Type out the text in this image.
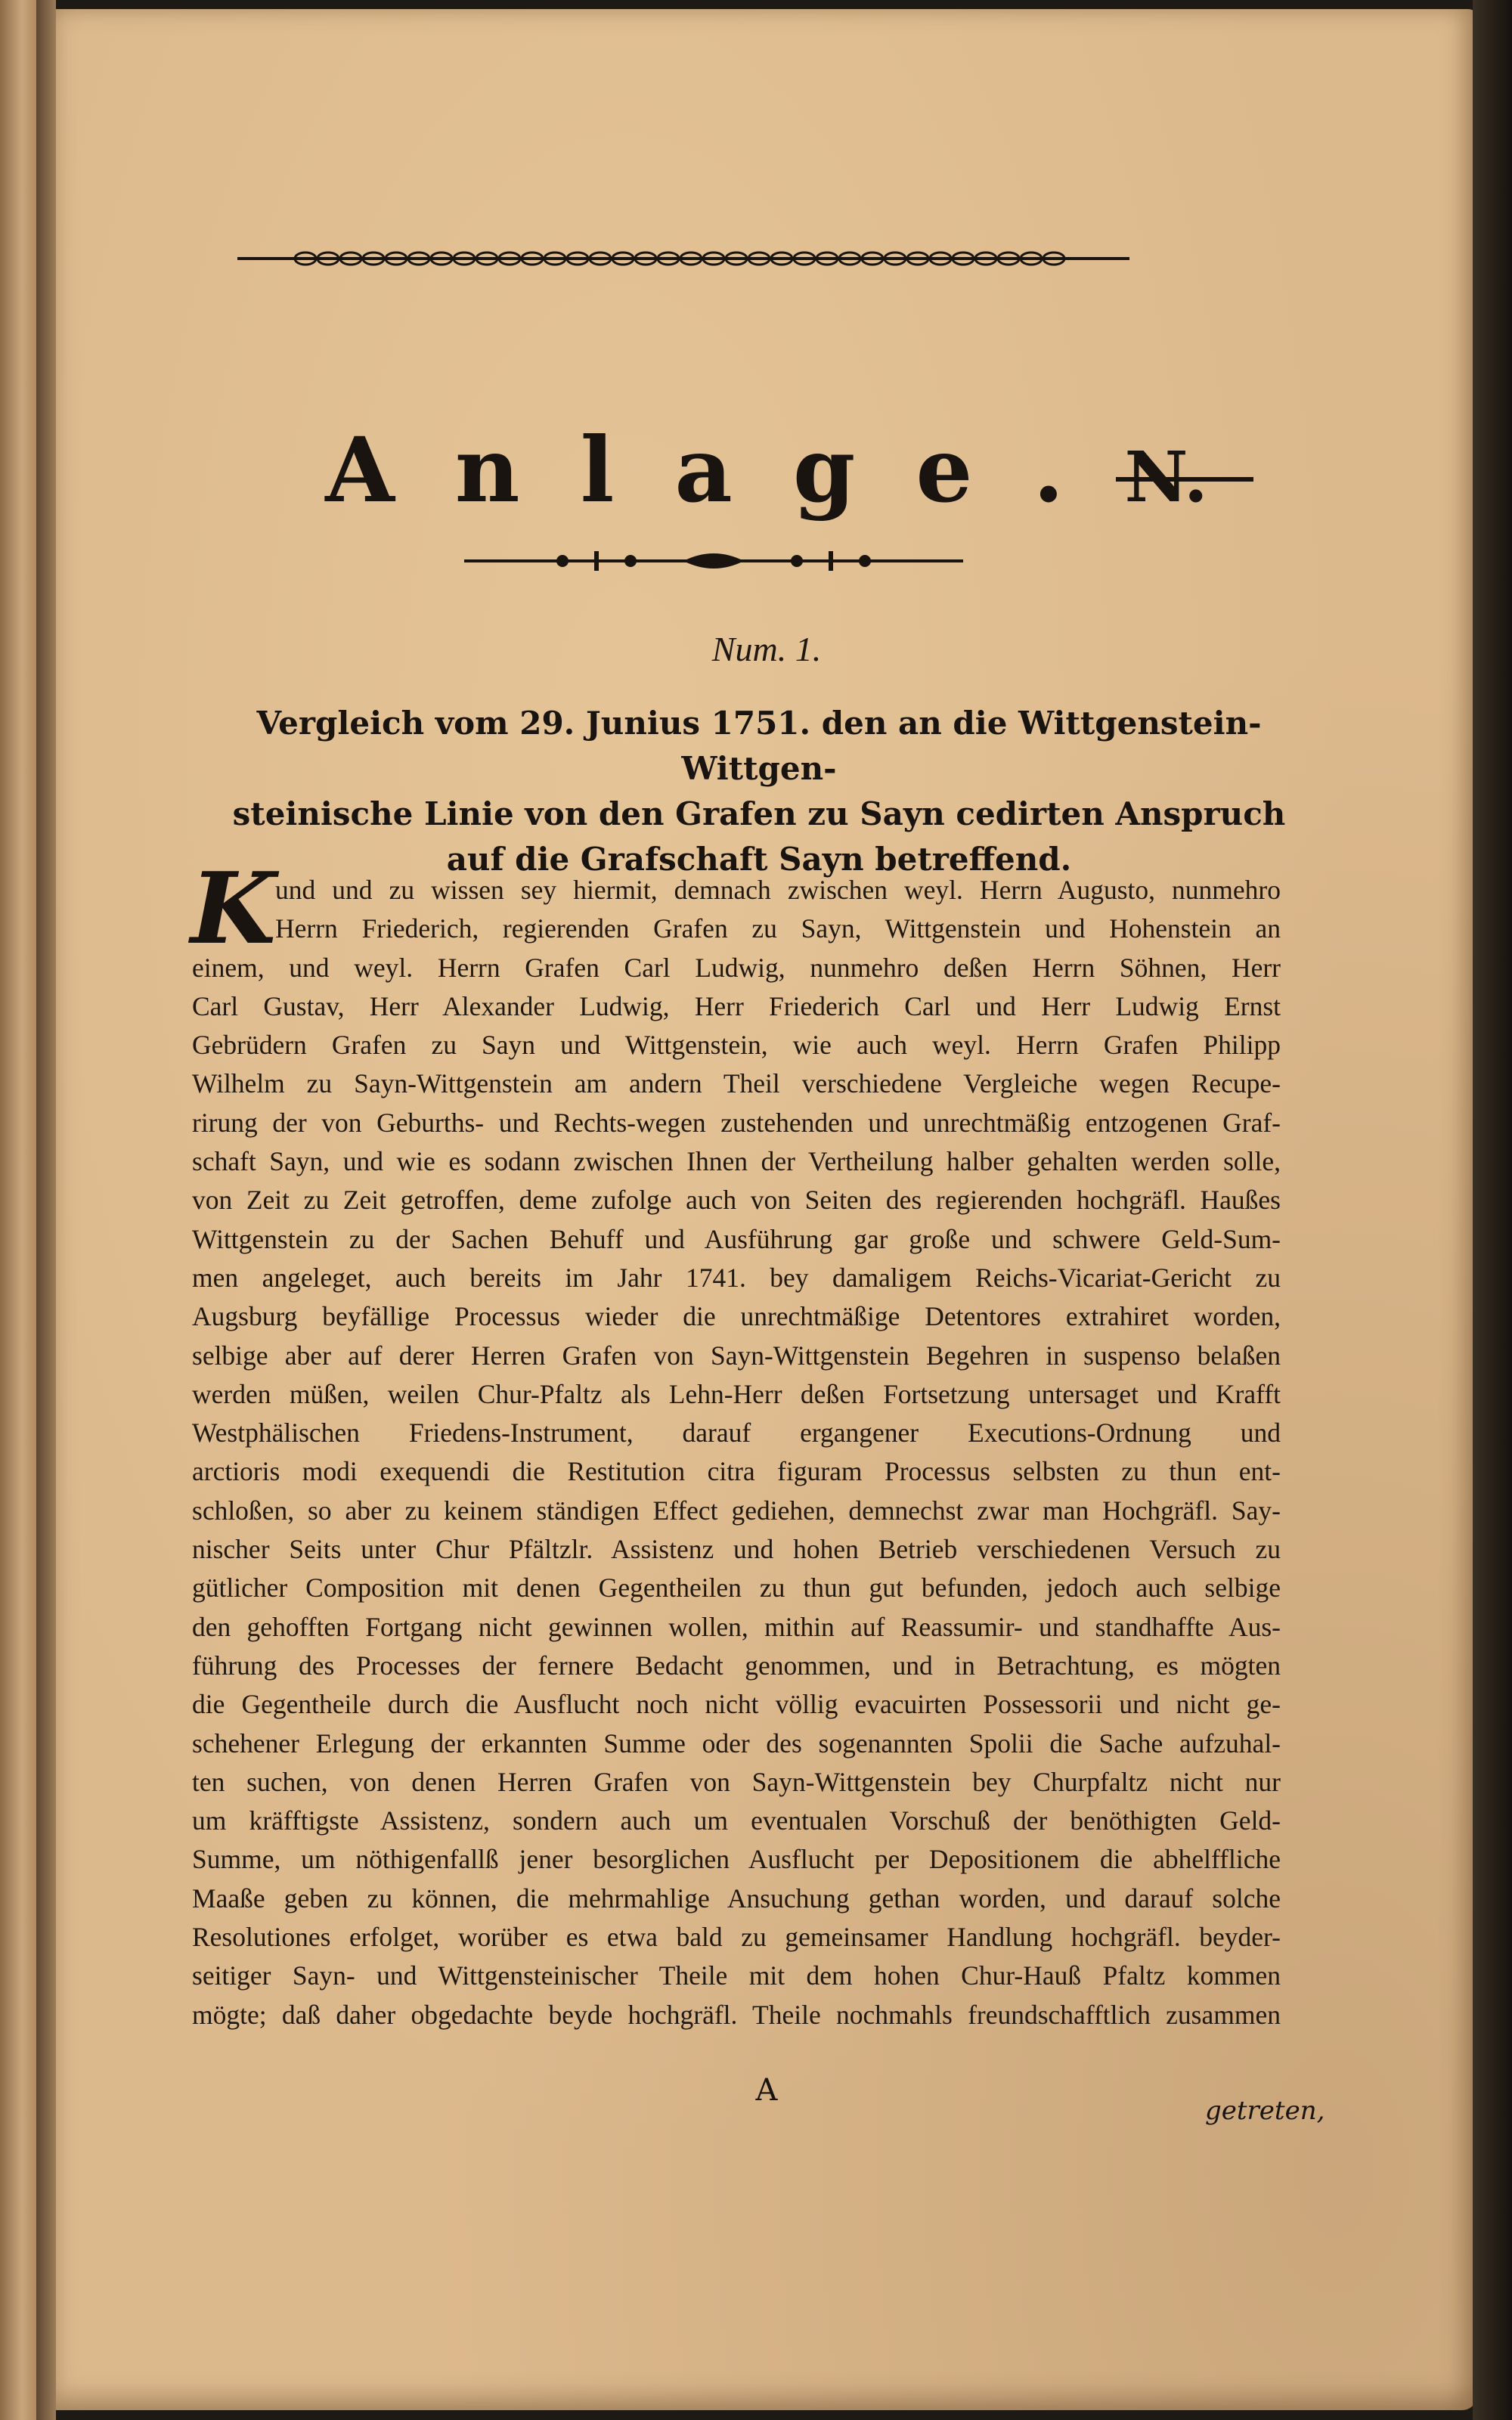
Anlage.N.
Num. 1.
Vergleich vom 29. Junius 1751. den an die Wittgenstein-Wittgen-
steinische Linie von den Grafen zu Sayn cedirten Anspruch
auf die Grafschaft Sayn betreffend.
K und und zu wissen sey hiermit, demnach zwischen weyl. Herrn Augusto, nunmehro
Herrn Friederich, regierenden Grafen zu Sayn, Wittgenstein und Hohenstein an
einem, und weyl. Herrn Grafen Carl Ludwig, nunmehro deßen Herrn Söhnen, Herr
Carl Gustav, Herr Alexander Ludwig, Herr Friederich Carl und Herr Ludwig Ernst
Gebrüdern Grafen zu Sayn und Wittgenstein, wie auch weyl. Herrn Grafen Philipp
Wilhelm zu Sayn-Wittgenstein am andern Theil verschiedene Vergleiche wegen Recupe-
rirung der von Geburths- und Rechts-wegen zustehenden und unrechtmäßig entzogenen Graf-
schaft Sayn, und wie es sodann zwischen Ihnen der Vertheilung halber gehalten werden solle,
von Zeit zu Zeit getroffen, deme zufolge auch von Seiten des regierenden hochgräfl. Haußes
Wittgenstein zu der Sachen Behuff und Ausführung gar große und schwere Geld-Sum-
men angeleget, auch bereits im Jahr 1741. bey damaligem Reichs-Vicariat-Gericht zu
Augsburg beyfällige Processus wieder die unrechtmäßige Detentores extrahiret worden,
selbige aber auf derer Herren Grafen von Sayn-Wittgenstein Begehren in suspenso belaßen
werden müßen, weilen Chur-Pfaltz als Lehn-Herr deßen Fortsetzung untersaget und Krafft
Westphälischen Friedens-Instrument, darauf ergangener Executions-Ordnung und
arctioris modi exequendi die Restitution citra figuram Processus selbsten zu thun ent-
schloßen, so aber zu keinem ständigen Effect gediehen, demnechst zwar man Hochgräfl. Say-
nischer Seits unter Chur Pfältzlr. Assistenz und hohen Betrieb verschiedenen Versuch zu
gütlicher Composition mit denen Gegentheilen zu thun gut befunden, jedoch auch selbige
den gehofften Fortgang nicht gewinnen wollen, mithin auf Reassumir- und standhaffte Aus-
führung des Processes der fernere Bedacht genommen, und in Betrachtung, es mögten
die Gegentheile durch die Ausflucht noch nicht völlig evacuirten Possessorii und nicht ge-
schehener Erlegung der erkannten Summe oder des sogenannten Spolii die Sache aufzuhal-
ten suchen, von denen Herren Grafen von Sayn-Wittgenstein bey Churpfaltz nicht nur
um kräfftigste Assistenz, sondern auch um eventualen Vorschuß der benöthigten Geld-
Summe, um nöthigenfallß jener besorglichen Ausflucht per Depositionem die abhelffliche
Maaße geben zu können, die mehrmahlige Ansuchung gethan worden, und darauf solche
Resolutiones erfolget, worüber es etwa bald zu gemeinsamer Handlung hochgräfl. beyder-
seitiger Sayn- und Wittgensteinischer Theile mit dem hohen Chur-Hauß Pfaltz kommen
mögte; daß daher obgedachte beyde hochgräfl. Theile nochmahls freundschafftlich zusammen
A
getreten,
